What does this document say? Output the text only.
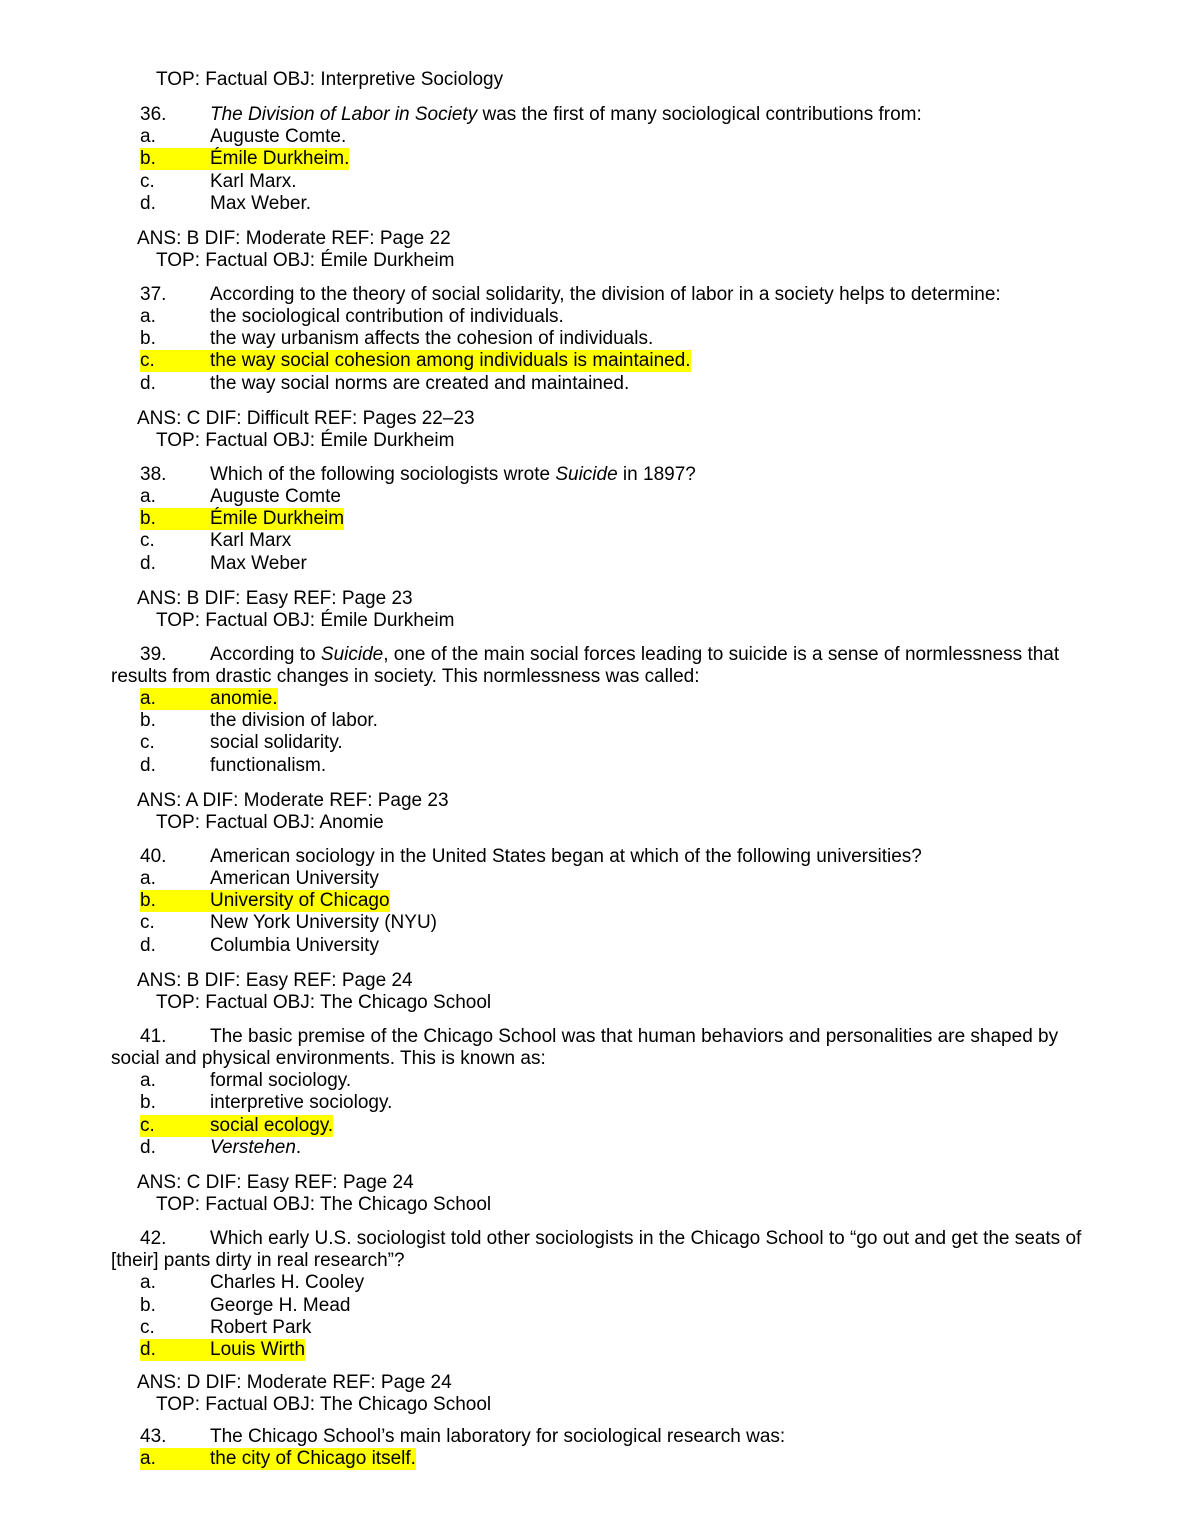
TOP: Factual OBJ: Interpretive Sociology
36. The Division of Labor in Society was the first of many sociological contributions from:
a.	Auguste Comte.
b.	Émile Durkheim.
c.	Karl Marx.
d.	Max Weber.
ANS: B DIF: Moderate REF: Page 22
TOP: Factual OBJ: Émile Durkheim
37. According to the theory of social solidarity, the division of labor in a society helps to determine:
a.	the sociological contribution of individuals.
b.	the way urbanism affects the cohesion of individuals.
c.	the way social cohesion among individuals is maintained.
d.	the way social norms are created and maintained.
ANS: C DIF: Difficult REF: Pages 22–23
TOP: Factual OBJ: Émile Durkheim
38. Which of the following sociologists wrote Suicide in 1897?
a.	Auguste Comte
b.	Émile Durkheim
c.	Karl Marx
d.	Max Weber
ANS: B DIF: Easy REF: Page 23
TOP: Factual OBJ: Émile Durkheim
39. According to Suicide, one of the main social forces leading to suicide is a sense of normlessness that
results from drastic changes in society. This normlessness was called:
a.	anomie.
b.	the division of labor.
c.	social solidarity.
d.	functionalism.
ANS: A DIF: Moderate REF: Page 23
TOP: Factual OBJ: Anomie
40. American sociology in the United States began at which of the following universities?
a.	American University
b.	University of Chicago
c.	New York University (NYU)
d.	Columbia University
ANS: B DIF: Easy REF: Page 24
TOP: Factual OBJ: The Chicago School
41. The basic premise of the Chicago School was that human behaviors and personalities are shaped by
social and physical environments. This is known as:
a.	formal sociology.
b.	interpretive sociology.
c.	social ecology.
d.	Verstehen.
ANS: C DIF: Easy REF: Page 24
TOP: Factual OBJ: The Chicago School
42. Which early U.S. sociologist told other sociologists in the Chicago School to “go out and get the seats of
[their] pants dirty in real research”?
a.	Charles H. Cooley
b.	George H. Mead
c.	Robert Park
d.	Louis Wirth
ANS: D DIF: Moderate REF: Page 24
TOP: Factual OBJ: The Chicago School
43. The Chicago School’s main laboratory for sociological research was:
a.	the city of Chicago itself.
